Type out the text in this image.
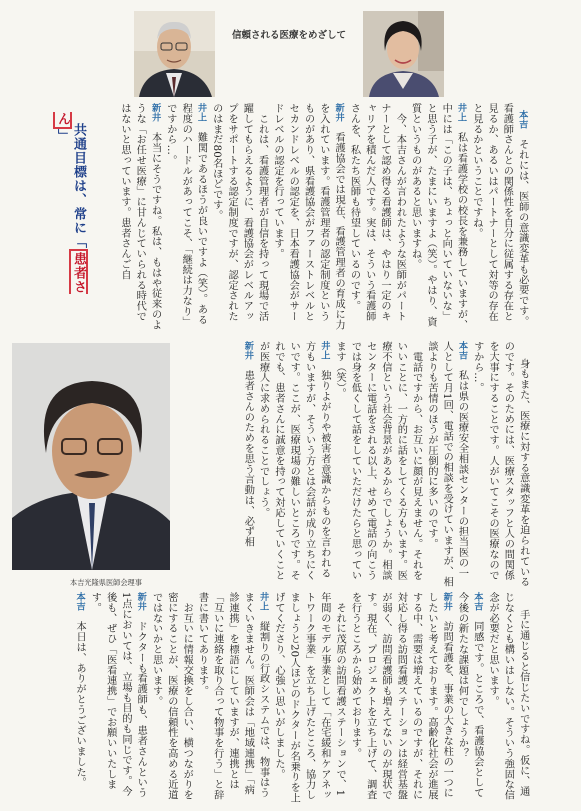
信頼される医療をめざして

本吉　それには、医師の意識変革も必要です。看護師さんとの関係性を自分に従属する存在と見るか、あるいはパートナーとして対等の存在と見るかということですね。
井上　私は看護学校の校長を兼務していますが、中には「この子は、ちょっと向いていないな」と思う子が、たまにいますよ（笑）。やはり、資質というものがあると思いますね。
　今、本吉さんが言われたような医師がパートナーとして認め得る看護師は、やはり一定のキャリアを積んだ人です。実は、そういう看護師さんを、私たち医師も待望しているのです。
新井　看護協会では現在、看護管理者の育成に力を入れています。看護管理者の認定制度というものがあり、県看護協会がファーストレベルとセカンドレベルの認定を、日本看護協会がサードレベルの認定を行っています。
　これは、看護管理者が自信を持って現場で活躍してもらえるように、看護協会がレベルアップをサポートする認定制度ですが、認定されたのはまだ80名ほどです。
井上　難関であるほうが良いですよ（笑）。ある程度のハードルがあってこそ、「継続は力なり」ですから…。
新井　本当にそうですね。私は、もはや従来のような「お任せ医療」に甘んじていられる時代ではないと思っています。患者さんご自

共通目標は、常に「患者さん」

本吉光隆県医師会理事

　	身もまた、医療に対する意識変革を迫られているのです。そのためには、医療スタッフと人の間関係を大事にすることです。人がいてこその医療なのですから…。
本吉　私は県の医療安全相談センターの担当医の一人として月1回、電話での相談を受けていますが、相談よりも苦情のほうが圧倒的に多いのです。
　電話ですから、お互いに顔が見えません。それをいいことに、一方的に話をしてくる方もいます。医療不信という社会背景があるからでしょうか。相談センターに電話をされる以上、せめて電話の向こうでは身を低くして話をしていただけたらと思っています（笑）。
井上　独りよがりや被害者意識からものを言われる方もいますが、そういう方とは会話が成り立ちにくいです。ここが、医療現場の難しいところです。それでも、患者さんに誠意を持って対応していくことが医療人に求められることでしょう。
新井　患者さんのためを思う言動は、必ず相

　手に通じると信じたいですね。仮に、通じなくとも構いはしない。そういう強固な信念が必要だと思います。
本吉　同感です。ところで、看護協会として今後の新たな課題は何でしょうか？
新井　訪問看護を、事業の大きな柱の一つにしたいと考えております。高齢化社会が進展する中、需要は増えているのですが、それに対応し得る訪問看護ステーションは経営基盤が弱く、訪問看護師も増えてないのが現状です。現在、プロジェクトを立ち上げて、調査を行うところから始めております。
　それに茂原の訪問看護ステーションで、1年間のモデル事業として「在宅緩和ケアネットワーク事業」を立ち上げたところ、協力しましょうと20人ほどのドクターが名乗りを上げてくださり、心強い思いがしました。
井上　縦割りの行政システムでは、物事はうまくいきません。医師会は「地域連携」「病診連携」を標語にしていますが、連携とは「互いに連絡を取り合って物事を行う」と辞書に書いてあります。
　お互いに情報交換をし合い、横つながりを密にすることが、医療の信頼性を高める近道ではないかと思います。
新井　ドクターも看護師も、患者さんという1点においては、立場も目的も同じです。今後も、ぜひ「医看連携」でお願いいたします。
本吉　本日は、ありがとうございました。
